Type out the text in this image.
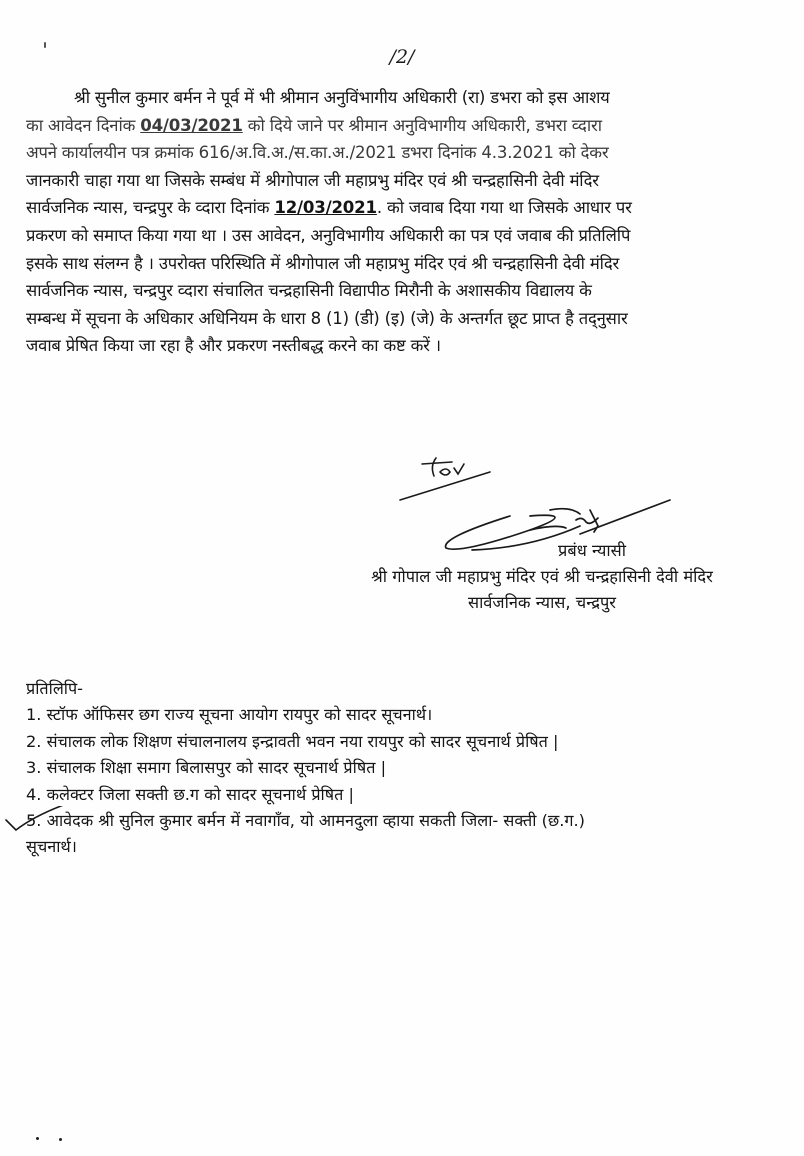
/2/
श्री सुनील कुमार बर्मन ने पूर्व में भी श्रीमान अनुविंभागीय अधिकारी (रा) डभरा को इस आशय
का आवेदन दिनांक 04/03/2021 को दिये जाने पर श्रीमान अनुविभागीय अधिकारी, डभरा व्दारा
अपने कार्यालयीन पत्र क्रमांक 616/अ.वि.अ./स.का.अ./2021 डभरा दिनांक 4.3.2021 को देकर
जानकारी चाहा गया था जिसके सम्बंध में श्रीगोपाल जी महाप्रभु मंदिर एवं श्री चन्द्रहासिनी देवी मंदिर
सार्वजनिक न्यास, चन्द्रपुर के व्दारा दिनांक 12/03/2021. को जवाब दिया गया था जिसके आधार पर
प्रकरण को समाप्त किया गया था । उस आवेदन, अनुविभागीय अधिकारी का पत्र एवं जवाब की प्रतिलिपि
इसके साथ संलग्न है । उपरोक्त परिस्थिति में श्रीगोपाल जी महाप्रभु मंदिर एवं श्री चन्द्रहासिनी देवी मंदिर
सार्वजनिक न्यास, चन्द्रपुर व्दारा संचालित चन्द्रहासिनी विद्यापीठ मिरौनी के अशासकीय विद्यालय के
सम्बन्ध में सूचना के अधिकार अधिनियम के धारा 8 (1) (डी) (इ) (जे) के अन्तर्गत छूट प्राप्त है तद्नुसार
जवाब प्रेषित किया जा रहा है और प्रकरण नस्तीबद्ध करने का कष्ट करें ।
प्रबंध न्यासी
श्री गोपाल जी महाप्रभु मंदिर एवं श्री चन्द्रहासिनी देवी मंदिर
सार्वजनिक न्यास, चन्द्रपुर
प्रतिलिपि-
1. स्टॉफ ऑफिसर छग राज्य सूचना आयोग रायपुर को सादर सूचनार्थ।
2. संचालक लोक शिक्षण संचालनालय इन्द्रावती भवन नया रायपुर को सादर सूचनार्थ प्रेषित |
3. संचालक शिक्षा समाग बिलासपुर को सादर सूचनार्थ प्रेषित |
4. कलेक्टर जिला सक्ती छ.ग को सादर सूचनार्थ प्रेषित |
5. आवेदक श्री सुनिल कुमार बर्मन में नवागाँव, यो आमनदुला व्हाया सकती जिला- सक्ती (छ.ग.)
सूचनार्थ।
